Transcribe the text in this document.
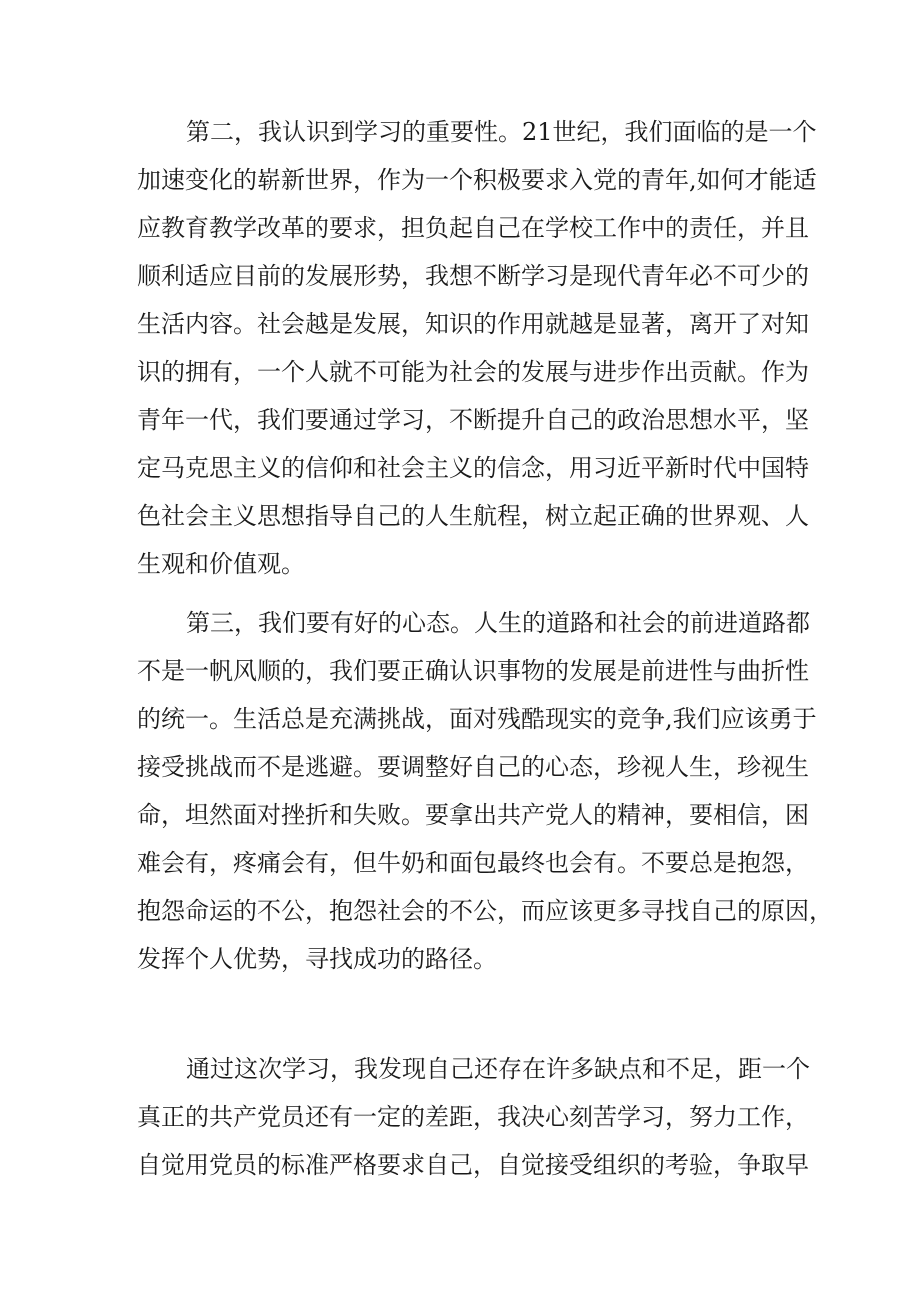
第二，我认识到学习的重要性。21世纪，我们面临的是一个
加速变化的崭新世界，作为一个积极要求入党的青年,如何才能适
应教育教学改革的要求，担负起自己在学校工作中的责任，并且
顺利适应目前的发展形势，我想不断学习是现代青年必不可少的
生活内容。社会越是发展，知识的作用就越是显著，离开了对知
识的拥有，一个人就不可能为社会的发展与进步作出贡献。作为
青年一代，我们要通过学习，不断提升自己的政治思想水平，坚
定马克思主义的信仰和社会主义的信念，用习近平新时代中国特
色社会主义思想指导自己的人生航程，树立起正确的世界观、人
生观和价值观。
第三，我们要有好的心态。人生的道路和社会的前进道路都
不是一帆风顺的，我们要正确认识事物的发展是前进性与曲折性
的统一。生活总是充满挑战，面对残酷现实的竞争,我们应该勇于
接受挑战而不是逃避。要调整好自己的心态，珍视人生，珍视生
命，坦然面对挫折和失败。要拿出共产党人的精神，要相信，困
难会有，疼痛会有，但牛奶和面包最终也会有。不要总是抱怨，
抱怨命运的不公，抱怨社会的不公，而应该更多寻找自己的原因，
发挥个人优势，寻找成功的路径。
通过这次学习，我发现自己还存在许多缺点和不足，距一个
真正的共产党员还有一定的差距，我决心刻苦学习，努力工作，
自觉用党员的标准严格要求自己，自觉接受组织的考验，争取早
